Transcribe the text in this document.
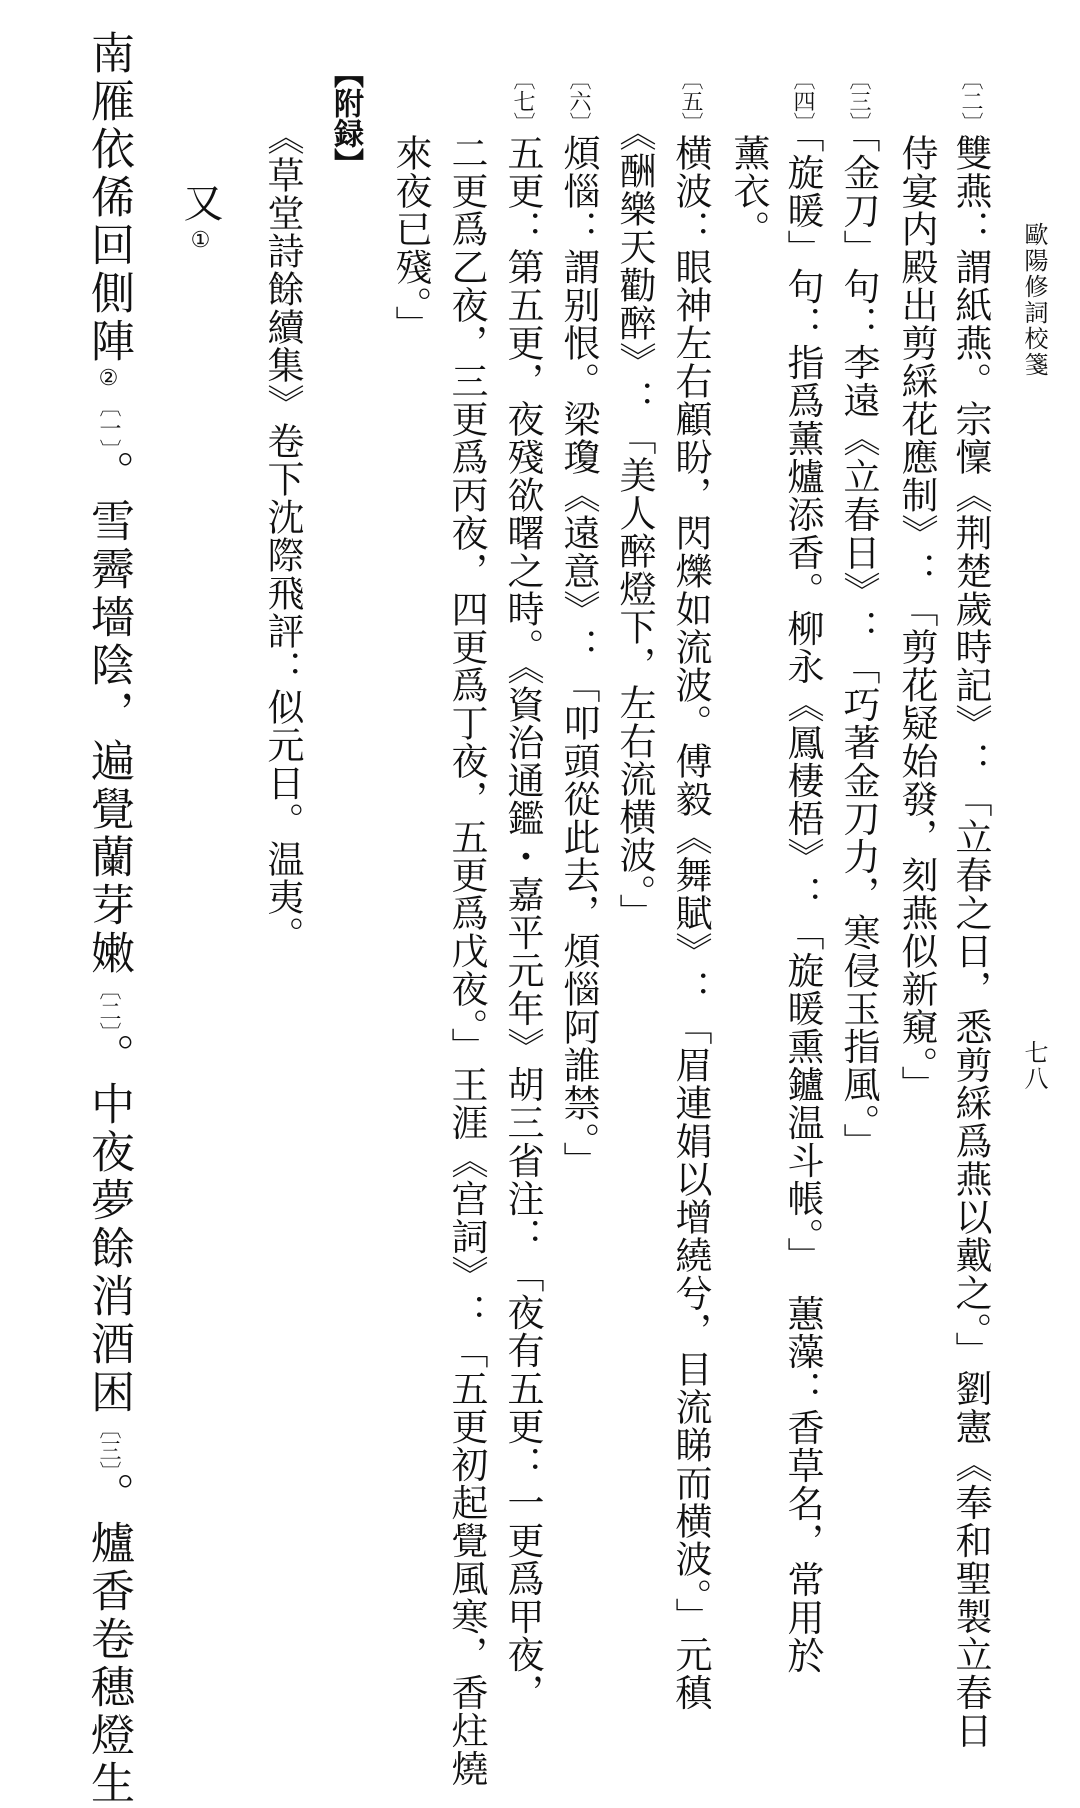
歐陽修詞校箋
七八
〔二〕雙燕：謂紙燕。宗懍《荆楚歲時記》：「立春之日，悉剪綵爲燕以戴之。」劉憲《奉和聖製立春日
侍宴内殿出剪綵花應制》：「剪花疑始發，刻燕似新窺。」
〔三〕「金刀」句：李遠《立春日》：「巧著金刀力，寒侵玉指風。」
〔四〕「旋暖」句：指爲薰爐添香。柳永《鳳棲梧》：「旋暖熏鑪温斗帳。」　蕙藻：香草名，常用於
薰衣。
〔五〕横波：眼神左右顧盼，閃爍如流波。傅毅《舞賦》：「眉連娟以增繞兮，目流睇而横波。」元稹
《酬樂天勸醉》：「美人醉燈下，左右流横波。」
〔六〕煩惱：謂别恨。梁瓊《遠意》：「叩頭從此去，煩惱阿誰禁。」
〔七〕五更：第五更，夜殘欲曙之時。《資治通鑑・嘉平元年》胡三省注：「夜有五更：一更爲甲夜，
二更爲乙夜，三更爲丙夜，四更爲丁夜，五更爲戊夜。」王涯《宫詞》：「五更初起覺風寒，香炷燒
來夜已殘。」
【附録】
《草堂詩餘續集》卷下沈際飛評：似元日。温夷。
又①
南雁依俙回側陣②〔一〕。雪霽墻陰，遍覺蘭芽嫩〔二〕。中夜夢餘消酒困〔三〕。爐香卷穗燈生
